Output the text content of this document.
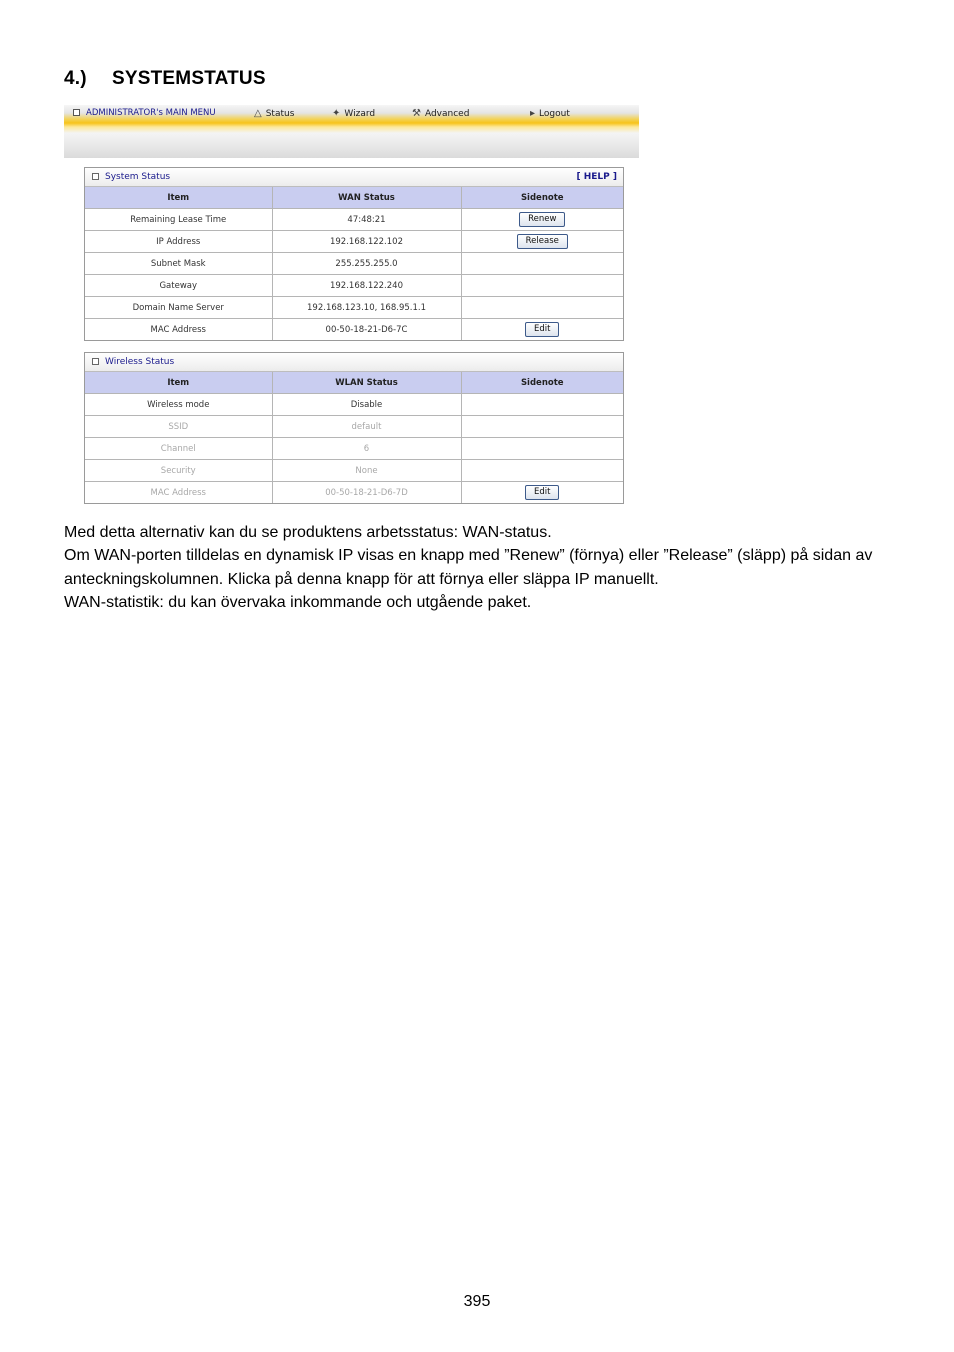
4.) SYSTEMSTATUS
ADMINISTRATOR's MAIN MENU	△ Status	✦ Wizard	⚒ Advanced	▸ Logout
System Status	[ HELP ]
Item	WAN Status	Sidenote
Remaining Lease Time	47:48:21	Renew
IP Address	192.168.122.102	Release
Subnet Mask	255.255.255.0	
Gateway	192.168.122.240	
Domain Name Server	192.168.123.10, 168.95.1.1	
MAC Address	00-50-18-21-D6-7C	Edit
Wireless Status
Item	WLAN Status	Sidenote
Wireless mode	Disable	
SSID	default	
Channel	6	
Security	None	
MAC Address	00-50-18-21-D6-7D	Edit

Med detta alternativ kan du se produktens arbetsstatus: WAN-status.

Om WAN-porten tilldelas en dynamisk IP visas en knapp med ”Renew” (förnya) eller ”Release” (släpp) på sidan av anteckningskolumnen. Klicka på denna knapp för att förnya eller släppa IP manuellt.

WAN-statistik: du kan övervaka inkommande och utgående paket.

395
